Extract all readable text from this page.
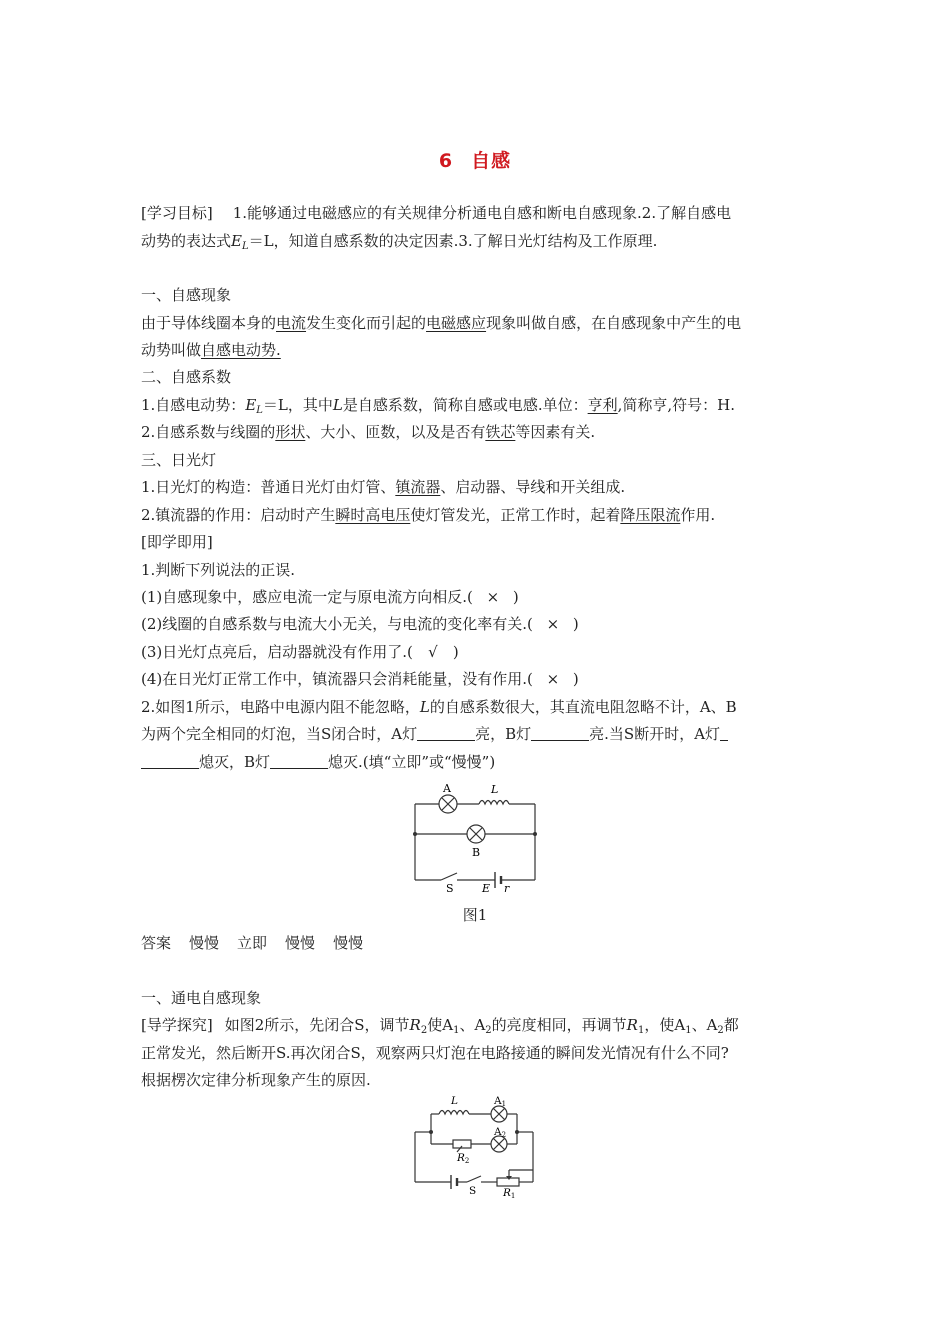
6 自感
[学习目标] 1.能够通过电磁感应的有关规律分析通电自感和断电自感现象.2.了解自感电
动势的表达式$E_L=L$，知道自感系数的决定因素.3.了解日光灯结构及工作原理.
一、自感现象
由于导体线圈本身的电流发生变化而引起的电磁感应现象叫做自感，在自感现象中产生的电
动势叫做自感电动势.
二、自感系数
1.自感电动势：$E_L=L$，其中L是自感系数，简称自感或电感.单位：亨利,简称亨,符号：H.
2.自感系数与线圈的形状、大小、匝数，以及是否有铁芯等因素有关.
三、日光灯
1.日光灯的构造：普通日光灯由灯管、镇流器、启动器、导线和开关组成.
2.镇流器的作用：启动时产生瞬时高电压使灯管发光，正常工作时，起着降压限流作用.
[即学即用]
1.判断下列说法的正误.
(1)自感现象中，感应电流一定与原电流方向相反.( × )
(2)线圈的自感系数与电流大小无关，与电流的变化率有关.( × )
(3)日光灯点亮后，启动器就没有作用了.( √ )
(4)在日光灯正常工作中，镇流器只会消耗能量，没有作用.( × )
2.如图1所示，电路中电源内阻不能忽略，L的自感系数很大，其直流电阻忽略不计，A、B
为两个完全相同的灯泡，当S闭合时，A灯	亮，B灯	亮.当S断开时，A灯
熄灭，B灯	熄灭.(填“立即”或“慢慢”)
A	L
B
S	E r
图1
答案 慢慢 立即 慢慢 慢慢
一、通电自感现象
[导学探究] 如图2所示，先闭合S，调节$R_2$使$A_1$、$A_2$的亮度相同，再调节$R_1$，使$A_1$、$A_2$都
正常发光，然后断开S.再次闭合S，观察两只灯泡在电路接通的瞬间发光情况有什么不同?
根据楞次定律分析现象产生的原因.
L	A1
A2
R2
S	R1
